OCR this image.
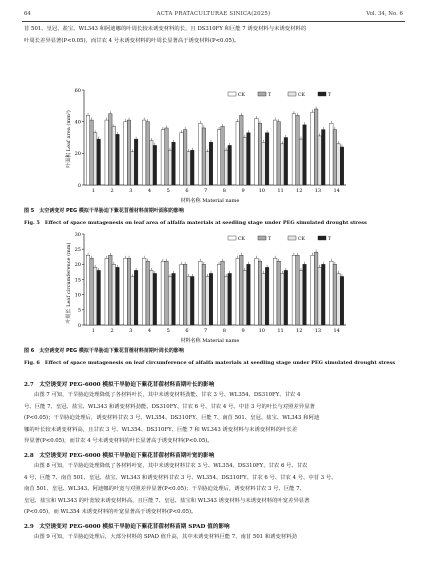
64	ACTA PRATACULTURAE SINICA(2025)	Vol. 34, No. 6
苜 501、皇冠、盐宝、WL343 和阿迪娜的叶周长较未诱变材料的长，且 DS310FY 和巨能 7 诱变材料与未诱变材料的
叶周长差异显著(P<0.05)，而甘农 4 号未诱变材料的叶周长显著高于诱变材料(P<0.05)。
0
20
40
60
1	2	3	4	5	6	7	8	9	10 11 12 13 14
CK	T	CK	T
叶面积 Leaf area (mm²)
材料名称 Material name
图 5　太空诱变对 PEG 模拟干旱胁迫下紫花苜蓿材料苗期叶面积的影响
Fig. 5　Effect of space mutagenesis on leaf area of alfalfa materials at seedling stage under PEG simulated drought stress
0
5
10
15
20
25
30
1	2	3	4	5	6	7	8	9	10 11 12 13 14
CK	T	CK	T
叶周长 Leaf circumference (mm)
材料名称 Material name
图 6　太空诱变对 PEG 模拟干旱胁迫下紫花苜蓿材料苗期叶周长的影响
Fig. 6　Effect of space mutagenesis on leaf circumference of alfalfa materials at seedling stage under PEG simulated drought stress
2.7　太空诱变对 PEG-6000 模拟干旱胁迫下紫花苜蓿材料苗期叶长的影响
由图 7 可知，干旱胁迫处理降低了各材料叶长，其中未诱变材料劲能、甘农 3 号、WL354、DS310FY、甘农 4
号、巨能 7、皇冠、盐宝、WL343 和诱变材料劲能、DS310FY、甘农 6 号、甘农 4 号、中苜 3 号的叶长与对照差异显著
(P<0.05)；干旱胁迫处理后，诱变材料甘农 3 号、WL354、DS310FY、巨能 7、南苜 501、皇冠、盐宝、WL343 和阿迪
娜的叶长较未诱变材料高，且甘农 3 号、WL354、DS310FY、巨能 7 和 WL343 诱变材料与未诱变材料的叶长差
异显著(P<0.05)，而甘农 4 号未诱变材料的叶长显著高于诱变材料(P<0.05)。
2.8　太空诱变对 PEG-6000 模拟干旱胁迫下紫花苜蓿材料苗期叶宽的影响
由图 8 可知，干旱胁迫处理降低了各材料叶宽，其中未诱变材料甘农 3 号、WL354、DS310FY、甘农 6 号、甘农
4 号、巨能 7、南苜 501、皇冠、盐宝、WL343 和诱变材料甘农 3 号、WL354、DS310FY、甘农 6 号、甘农 4 号、中苜 3 号、
南苜 501、皇冠、WL343、阿迪娜的叶宽与对照差异显著(P<0.05)；干旱胁迫处理后，诱变材料甘农 3 号、巨能 7、
皇冠、盐宝和 WL343 的叶宽较未诱变材料高，且巨能 7、皇冠、盐宝和 WL343 诱变材料与未诱变材料的叶宽差异显著
(P<0.05)，而 WL354 未诱变材料的叶宽显著高于诱变材料(P<0.05)。
2.9　太空诱变对 PEG-6000 模拟干旱胁迫下紫花苜蓿材料苗期 SPAD 值的影响
由图 9 可知，干旱胁迫处理后，大部分材料的 SPAD 值升高，其中未诱变材料巨能 7、南苜 501 和诱变材料劲
